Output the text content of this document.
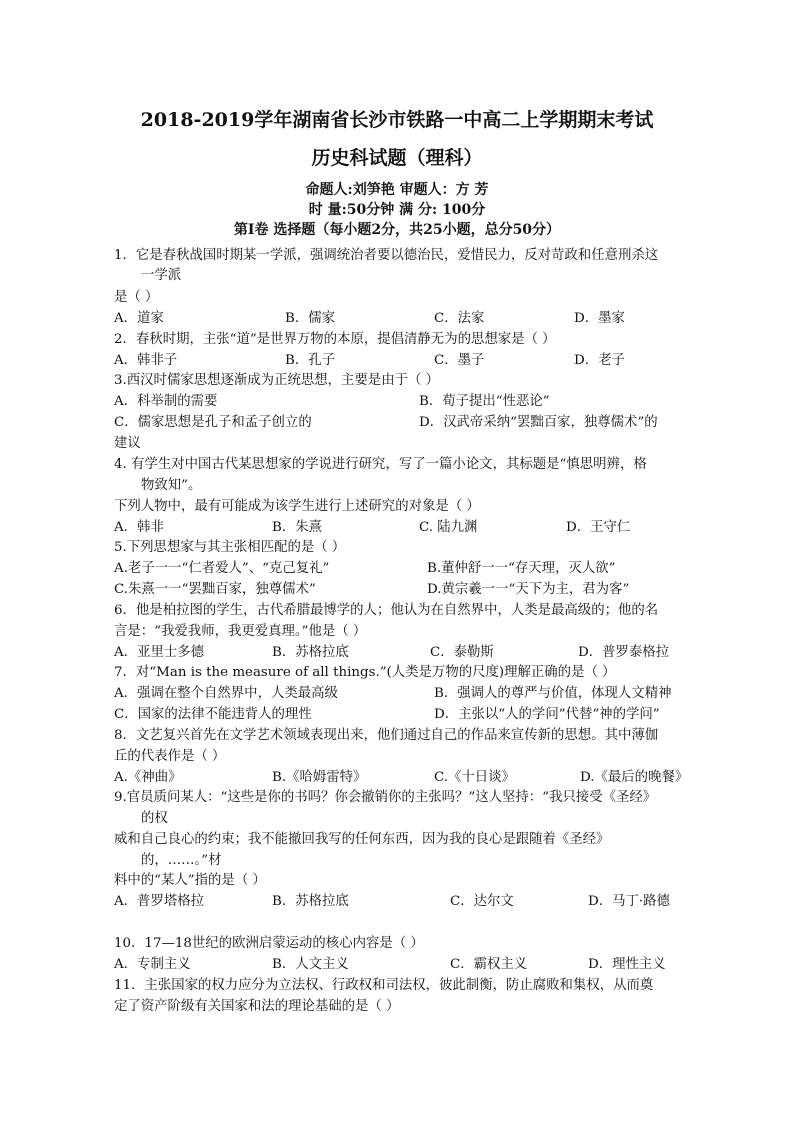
2018-2019学年湖南省长沙市铁路一中高二上学期期末考试
历史科试题（理科）
命题人:刘笋艳 审题人：方 芳
时 量:50分钟 满 分: 100分
第Ⅰ卷 选择题（每小题2分，共25小题，总分50分）
1．它是春秋战国时期某一学派，强调统治者要以德治民，爱惜民力，反对苛政和任意刑杀这
一学派
是（ ）
A．道家	B．儒家	C．法家	D．墨家
2．春秋时期，主张“道”是世界万物的本原，提倡清静无为的思想家是（ ）
A．韩非子	B．孔子	C．墨子	D．老子
3.西汉时儒家思想逐渐成为正统思想，主要是由于（ ）
A．科举制的需要	B．荀子提出“性恶论”
C．儒家思想是孔子和孟子创立的	D．汉武帝采纳“罢黜百家，独尊儒术”的
建议
4. 有学生对中国古代某思想家的学说进行研究，写了一篇小论文，其标题是“慎思明辨，格
物致知”。
下列人物中，最有可能成为该学生进行上述研究的对象是（ ）
A．韩非	B．朱熹	C. 陆九渊	D．王守仁
5.下列思想家与其主张相匹配的是（ ）
A.老子一一“仁者爱人”、“克己复礼”	B.董仲舒一一“存天理，灭人欲”
C.朱熹一一“罢黜百家，独尊儒术”	D.黄宗羲一一“天下为主，君为客”
6．他是柏拉图的学生，古代希腊最博学的人；他认为在自然界中，人类是最高级的；他的名
言是：“我爱我师，我更爱真理。”他是（ ）
A．亚里士多德	B．苏格拉底	C．泰勒斯	D．普罗泰格拉
7．对“Man is the measure of all things.”(人类是万物的尺度)理解正确的是（ ）
A．强调在整个自然界中，人类最高级	B．强调人的尊严与价值，体现人文精神
C．国家的法律不能违背人的理性	D．主张以“人的学问”代替“神的学问”
8．文艺复兴首先在文学艺术领域表现出来，他们通过自己的作品来宣传新的思想。其中薄伽
丘的代表作是（ ）
A.《神曲》	B.《哈姆雷特》	C.《十日谈》	D.《最后的晚餐》
9.官员质问某人：“这些是你的书吗？你会撤销你的主张吗？”这人坚持：“我只接受《圣经》
的权
威和自己良心的约束；我不能撤回我写的任何东西，因为我的良心是跟随着《圣经》
的，……。”材
料中的“某人”指的是（ ）
A．普罗塔格拉	B．苏格拉底	C．达尔文	D．马丁·路德
10．17—18世纪的欧洲启蒙运动的核心内容是（ ）
A．专制主义	B．人文主义	C．霸权主义	D．理性主义
11．主张国家的权力应分为立法权、行政权和司法权，彼此制衡，防止腐败和集权，从而奠
定了资产阶级有关国家和法的理论基础的是（ ）
